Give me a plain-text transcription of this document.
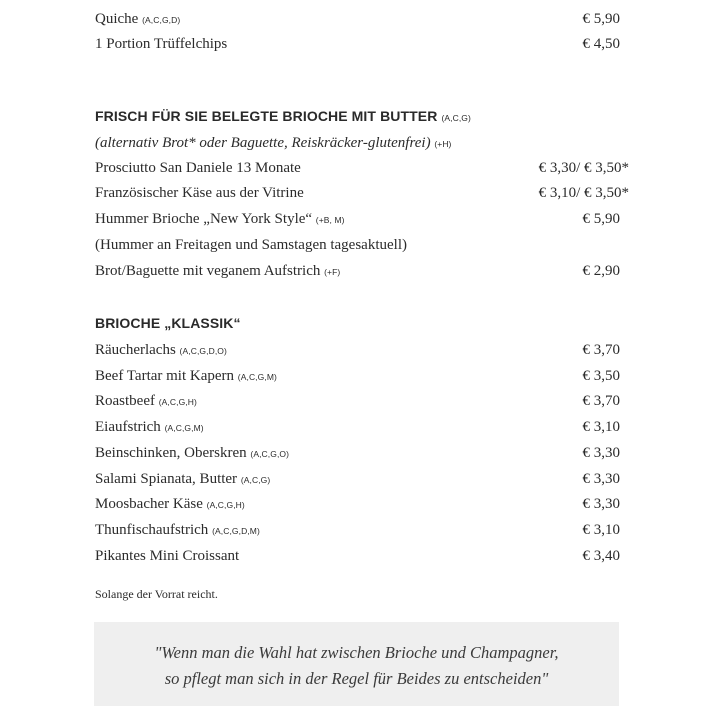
Quiche (A,C,G,D)	€ 5,90
1 Portion Trüffelchips	€ 4,50
FRISCH FÜR SIE BELEGTE BRIOCHE MIT BUTTER (A,C,G)
(alternativ Brot* oder Baguette, Reiskräcker-glutenfrei) (+H)
Prosciutto San Daniele 13 Monate	€ 3,30/ € 3,50*
Französischer Käse aus der Vitrine	€ 3,10/ € 3,50*
Hummer Brioche „New York Style“ (+B, M)	€ 5,90
(Hummer an Freitagen und Samstagen tagesaktuell)
Brot/Baguette mit veganem Aufstrich (+F)	€ 2,90
BRIOCHE „KLASSIK“
Räucherlachs (A,C,G,D,O)	€ 3,70
Beef Tartar mit Kapern (A,C,G,M)	€ 3,50
Roastbeef (A,C,G,H)	€ 3,70
Eiaufstrich (A,C,G,M)	€ 3,10
Beinschinken, Oberskren (A,C,G,O)	€ 3,30
Salami Spianata, Butter (A,C,G)	€ 3,30
Moosbacher Käse (A,C,G,H)	€ 3,30
Thunfischaufstrich (A,C,G,D,M)	€ 3,10
Pikantes Mini Croissant	€ 3,40
Solange der Vorrat reicht.
"Wenn man die Wahl hat zwischen Brioche und Champagner,
so pflegt man sich in der Regel für Beides zu entscheiden"
